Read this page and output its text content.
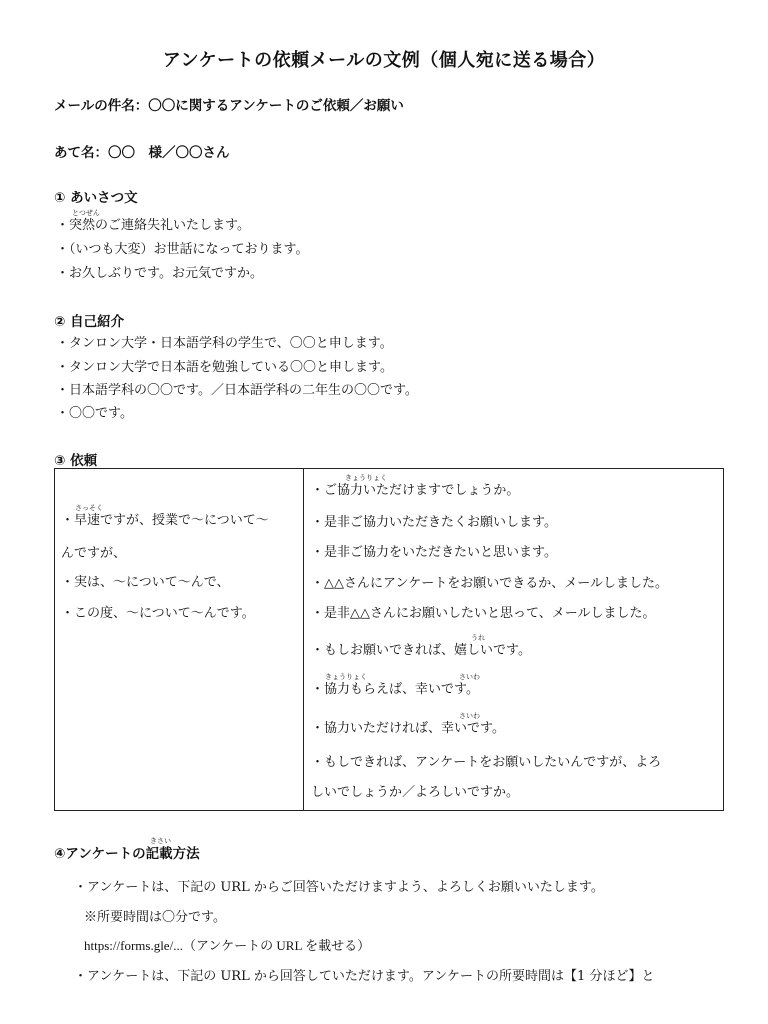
アンケートの依頼メールの文例（個人宛に送る場合）
メールの件名：〇〇に関するアンケートのご依頼／お願い
あて名：〇〇　様／〇〇さん
① あいさつ文
とつぜん
・突然のご連絡失礼いたします。
・（いつも大変）お世話になっております。
・お久しぶりです。お元気ですか。
② 自己紹介
・タンロン大学・日本語学科の学生で、〇〇と申します。
・タンロン大学で日本語を勉強している〇〇と申します。
・日本語学科の〇〇です。／日本語学科の二年生の〇〇です。
・〇〇です。
③ 依頼
さっそく
・早速ですが、授業で～について～
んですが、
・実は、～について～んで、
・この度、～について～んです。
きょうりょく
・ご協力いただけますでしょうか。
・是非ご協力いただきたくお願いします。
・是非ご協力をいただきたいと思います。
・△△さんにアンケートをお願いできるか、メールしました。
・是非△△さんにお願いしたいと思って、メールしました。
うれ
・もしお願いできれば、嬉しいです。
きょうりょく	さいわ
・協力もらえば、幸いです。
さいわ
・協力いただければ、幸いです。
・もしできれば、アンケートをお願いしたいんですが、よろ
しいでしょうか／よろしいですか。
きさい
④アンケートの記載方法
・アンケートは、下記の URL からご回答いただけますよう、よろしくお願いいたします。
※所要時間は〇分です。
https://forms.gle/...（アンケートの URL を載せる）
・アンケートは、下記の URL から回答していただけます。アンケートの所要時間は【1 分ほど】と
